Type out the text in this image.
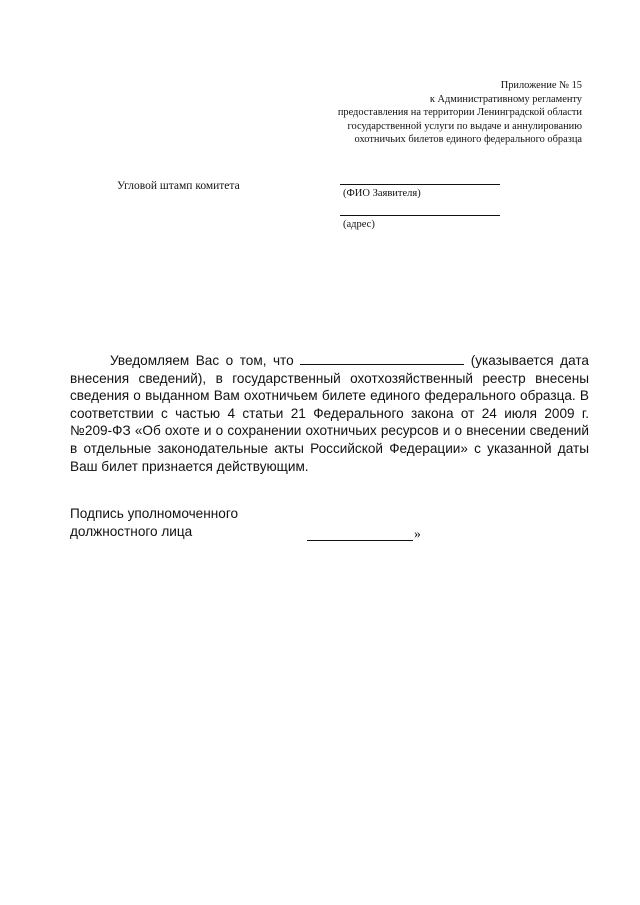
Приложение № 15
к Административному регламенту
предоставления на территории Ленинградской области
государственной услуги по выдаче и аннулированию
охотничьих билетов единого федерального образца
Угловой штамп комитета
(ФИО Заявителя)
(адрес)

Уведомляем Вас о том, что	(указывается дата внесения сведений), в государственный охотхозяйственный реестр внесены сведения о выданном Вам охотничьем билете единого федерального образца. В соответствии с частью 4 статьи 21 Федерального закона от 24 июля 2009 г. №209-ФЗ «Об охоте и о сохранении охотничьих ресурсов и о внесении сведений в отдельные законодательные акты Российской Федерации» с указанной даты Ваш билет признается действующим.

Подпись уполномоченного
должностного лица	»
